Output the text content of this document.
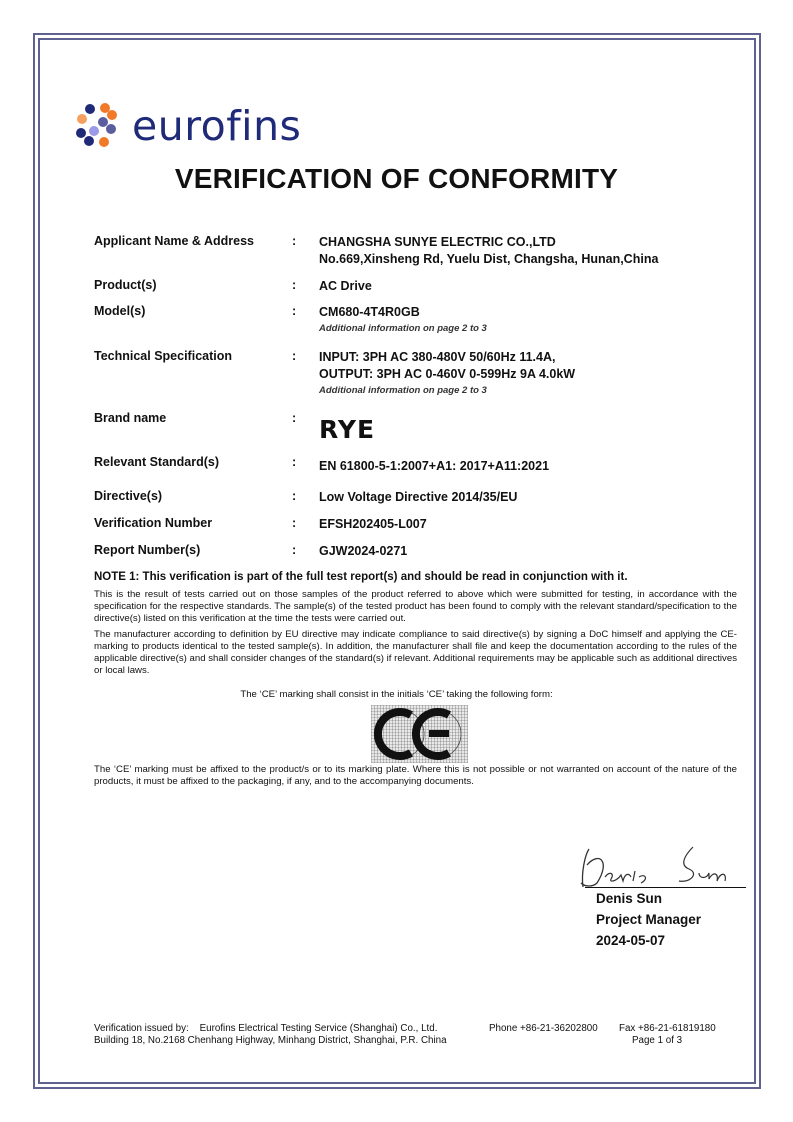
eurofins
VERIFICATION OF CONFORMITY
Applicant Name & Address	: CHANGSHA SUNYE ELECTRIC CO.,LTD
No.669,Xinsheng Rd, Yuelu Dist, Changsha, Hunan,China
Product(s)	: AC Drive
Model(s)	: CM680-4T4R0GB
Additional information on page 2 to 3
Technical Specification	: INPUT: 3PH AC 380-480V 50/60Hz 11.4A,
OUTPUT: 3PH AC 0-460V 0-599Hz 9A 4.0kW
Additional information on page 2 to 3
Brand name	: RYE
Relevant Standard(s)	: EN 61800-5-1:2007+A1: 2017+A11:2021
Directive(s)	: Low Voltage Directive 2014/35/EU
Verification Number	: EFSH202405-L007
Report Number(s)	: GJW2024-0271
NOTE 1: This verification is part of the full test report(s) and should be read in conjunction with it.
This is the result of tests carried out on those samples of the product referred to above which were submitted for testing, in accordance with the specification for the respective standards. The sample(s) of the tested product has been found to comply with the relevant standard/specification to the directive(s) listed on this verification at the time the tests were carried out.
The manufacturer according to definition by EU directive may indicate compliance to said directive(s) by signing a DoC himself and applying the CE-marking to products identical to the tested sample(s). In addition, the manufacturer shall file and keep the documentation according to the rules of the applicable directive(s) and shall consider changes of the standard(s) if relevant. Additional requirements may be applicable such as additional directives or local laws.
The ‘CE’ marking shall consist in the initials ‘CE’ taking the following form:
The ‘CE’ marking must be affixed to the product/s or to its marking plate. Where this is not possible or not warranted on account of the nature of the products, it must be affixed to the packaging, if any, and to the accompanying documents.
Denis Sun
Project Manager
2024-05-07
Verification issued by:    Eurofins Electrical Testing Service (Shanghai) Co., Ltd.	Phone +86-21-36202800 Fax +86-21-61819180
Building 18, No.2168 Chenhang Highway, Minhang District, Shanghai, P.R. China	Page 1 of 3
